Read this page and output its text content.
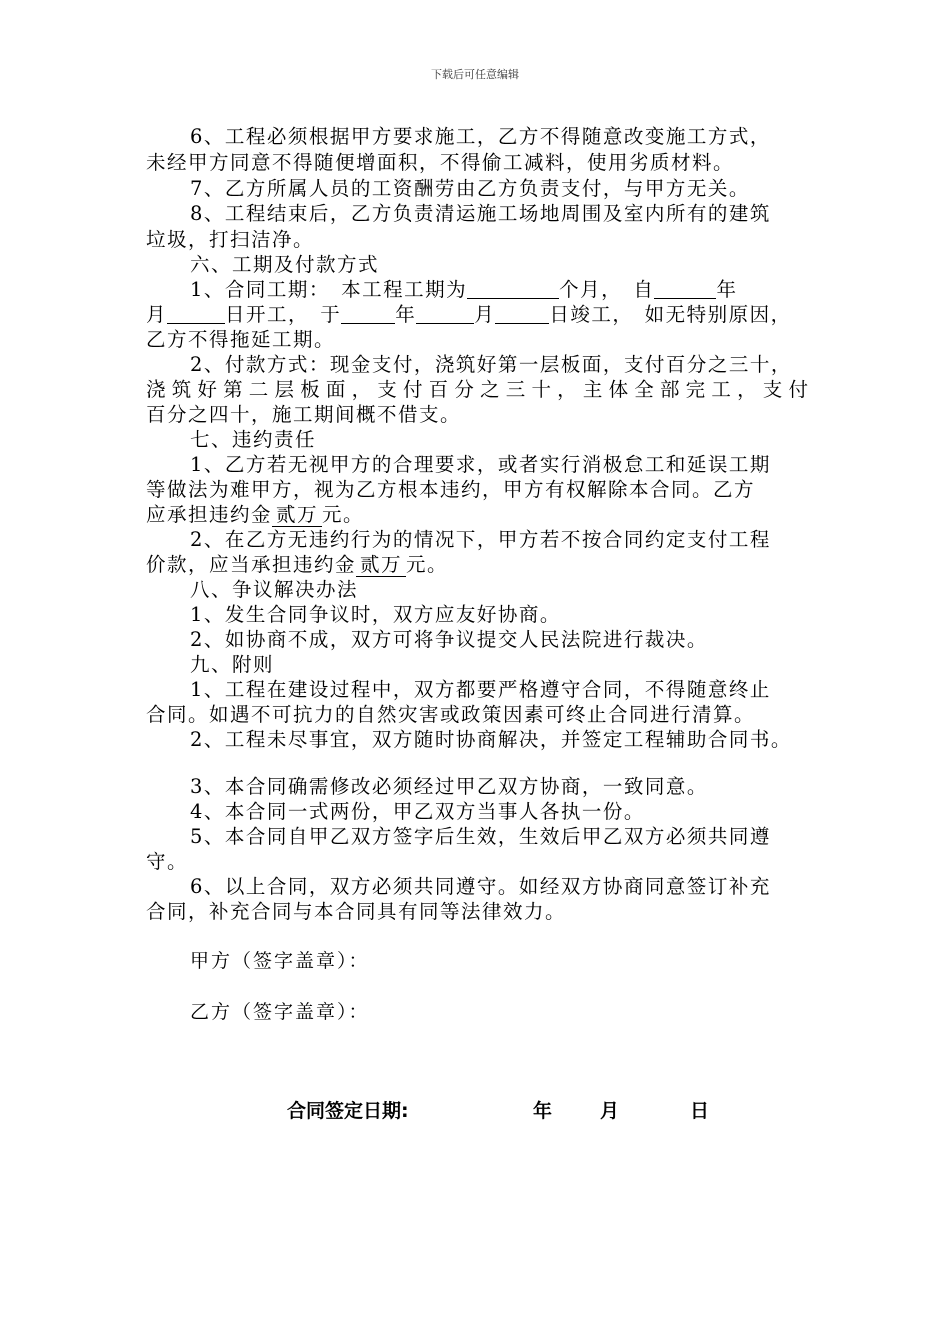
下载后可任意编辑
6、工程必须根据甲方要求施工，乙方不得随意改变施工方式，
未经甲方同意不得随便增面积，不得偷工减料，使用劣质材料。
7、乙方所属人员的工资酬劳由乙方负责支付，与甲方无关。
8、工程结束后，乙方负责清运施工场地周围及室内所有的建筑
垃圾，打扫洁净。
六、工期及付款方式
1、合同工期：　本工程工期为	个月，　自	年
月	日开工，　于	年	月	日竣工，　如无特别原因，
乙方不得拖延工期。
2、付款方式：现金支付，浇筑好第一层板面，支付百分之三十，
浇 筑 好 第 二 层 板 面 ， 支 付 百 分 之 三 十 ， 主 体 全 部 完 工 ， 支 付
百分之四十，施工期间概不借支。
七、违约责任
1、乙方若无视甲方的合理要求，或者实行消极怠工和延误工期
等做法为难甲方，视为乙方根本违约，甲方有权解除本合同。乙方
应承担违约金 贰万 元。
2、在乙方无违约行为的情况下，甲方若不按合同约定支付工程
价款，应当承担违约金 贰万 元。
八、争议解决办法
1、发生合同争议时，双方应友好协商。
2、如协商不成，双方可将争议提交人民法院进行裁决。
九、附则
1、工程在建设过程中，双方都要严格遵守合同，不得随意终止
合同。如遇不可抗力的自然灾害或政策因素可终止合同进行清算。
2、工程未尽事宜，双方随时协商解决，并签定工程辅助合同书。
3、本合同确需修改必须经过甲乙双方协商，一致同意。
4、本合同一式两份，甲乙双方当事人各执一份。
5、本合同自甲乙双方签字后生效，生效后甲乙双方必须共同遵
守。
6、以上合同，双方必须共同遵守。如经双方协商同意签订补充
合同，补充合同与本合同具有同等法律效力。
甲方（签字盖章）：
乙方（签字盖章）：
合同签定日期:	年	月	日
